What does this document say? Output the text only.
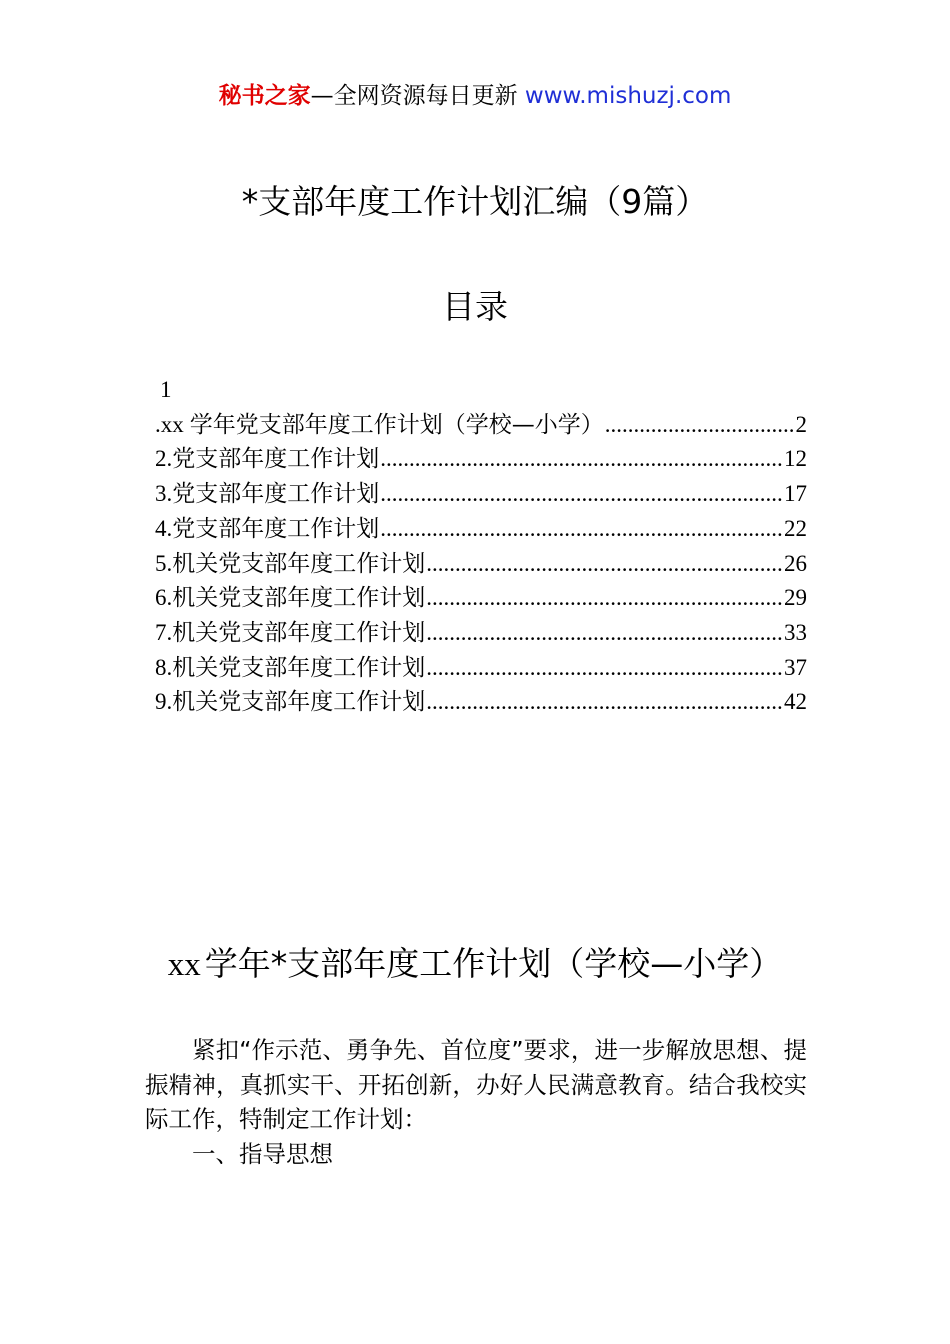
秘书之家—全网资源每日更新 www.mishuzj.com
*支部年度工作计划汇编（9篇）
目录
1
. xx 学年党支部年度工作计划（学校—小学） .....	2
2. 党支部年度工作计划 .....	12
3. 党支部年度工作计划 .....	17
4. 党支部年度工作计划 .....	22
5. 机关党支部年度工作计划 .....	26
6. 机关党支部年度工作计划 .....	29
7. 机关党支部年度工作计划 .....	33
8. 机关党支部年度工作计划 .....	37
9. 机关党支部年度工作计划 .....	42
xx 学年*支部年度工作计划（学校—小学）

紧扣“作示范、勇争先、首位度”要求，进一步解放思想、提振精神，真抓实干、开拓创新，办好人民满意教育。结合我校实际工作，特制定工作计划：

一、指导思想
